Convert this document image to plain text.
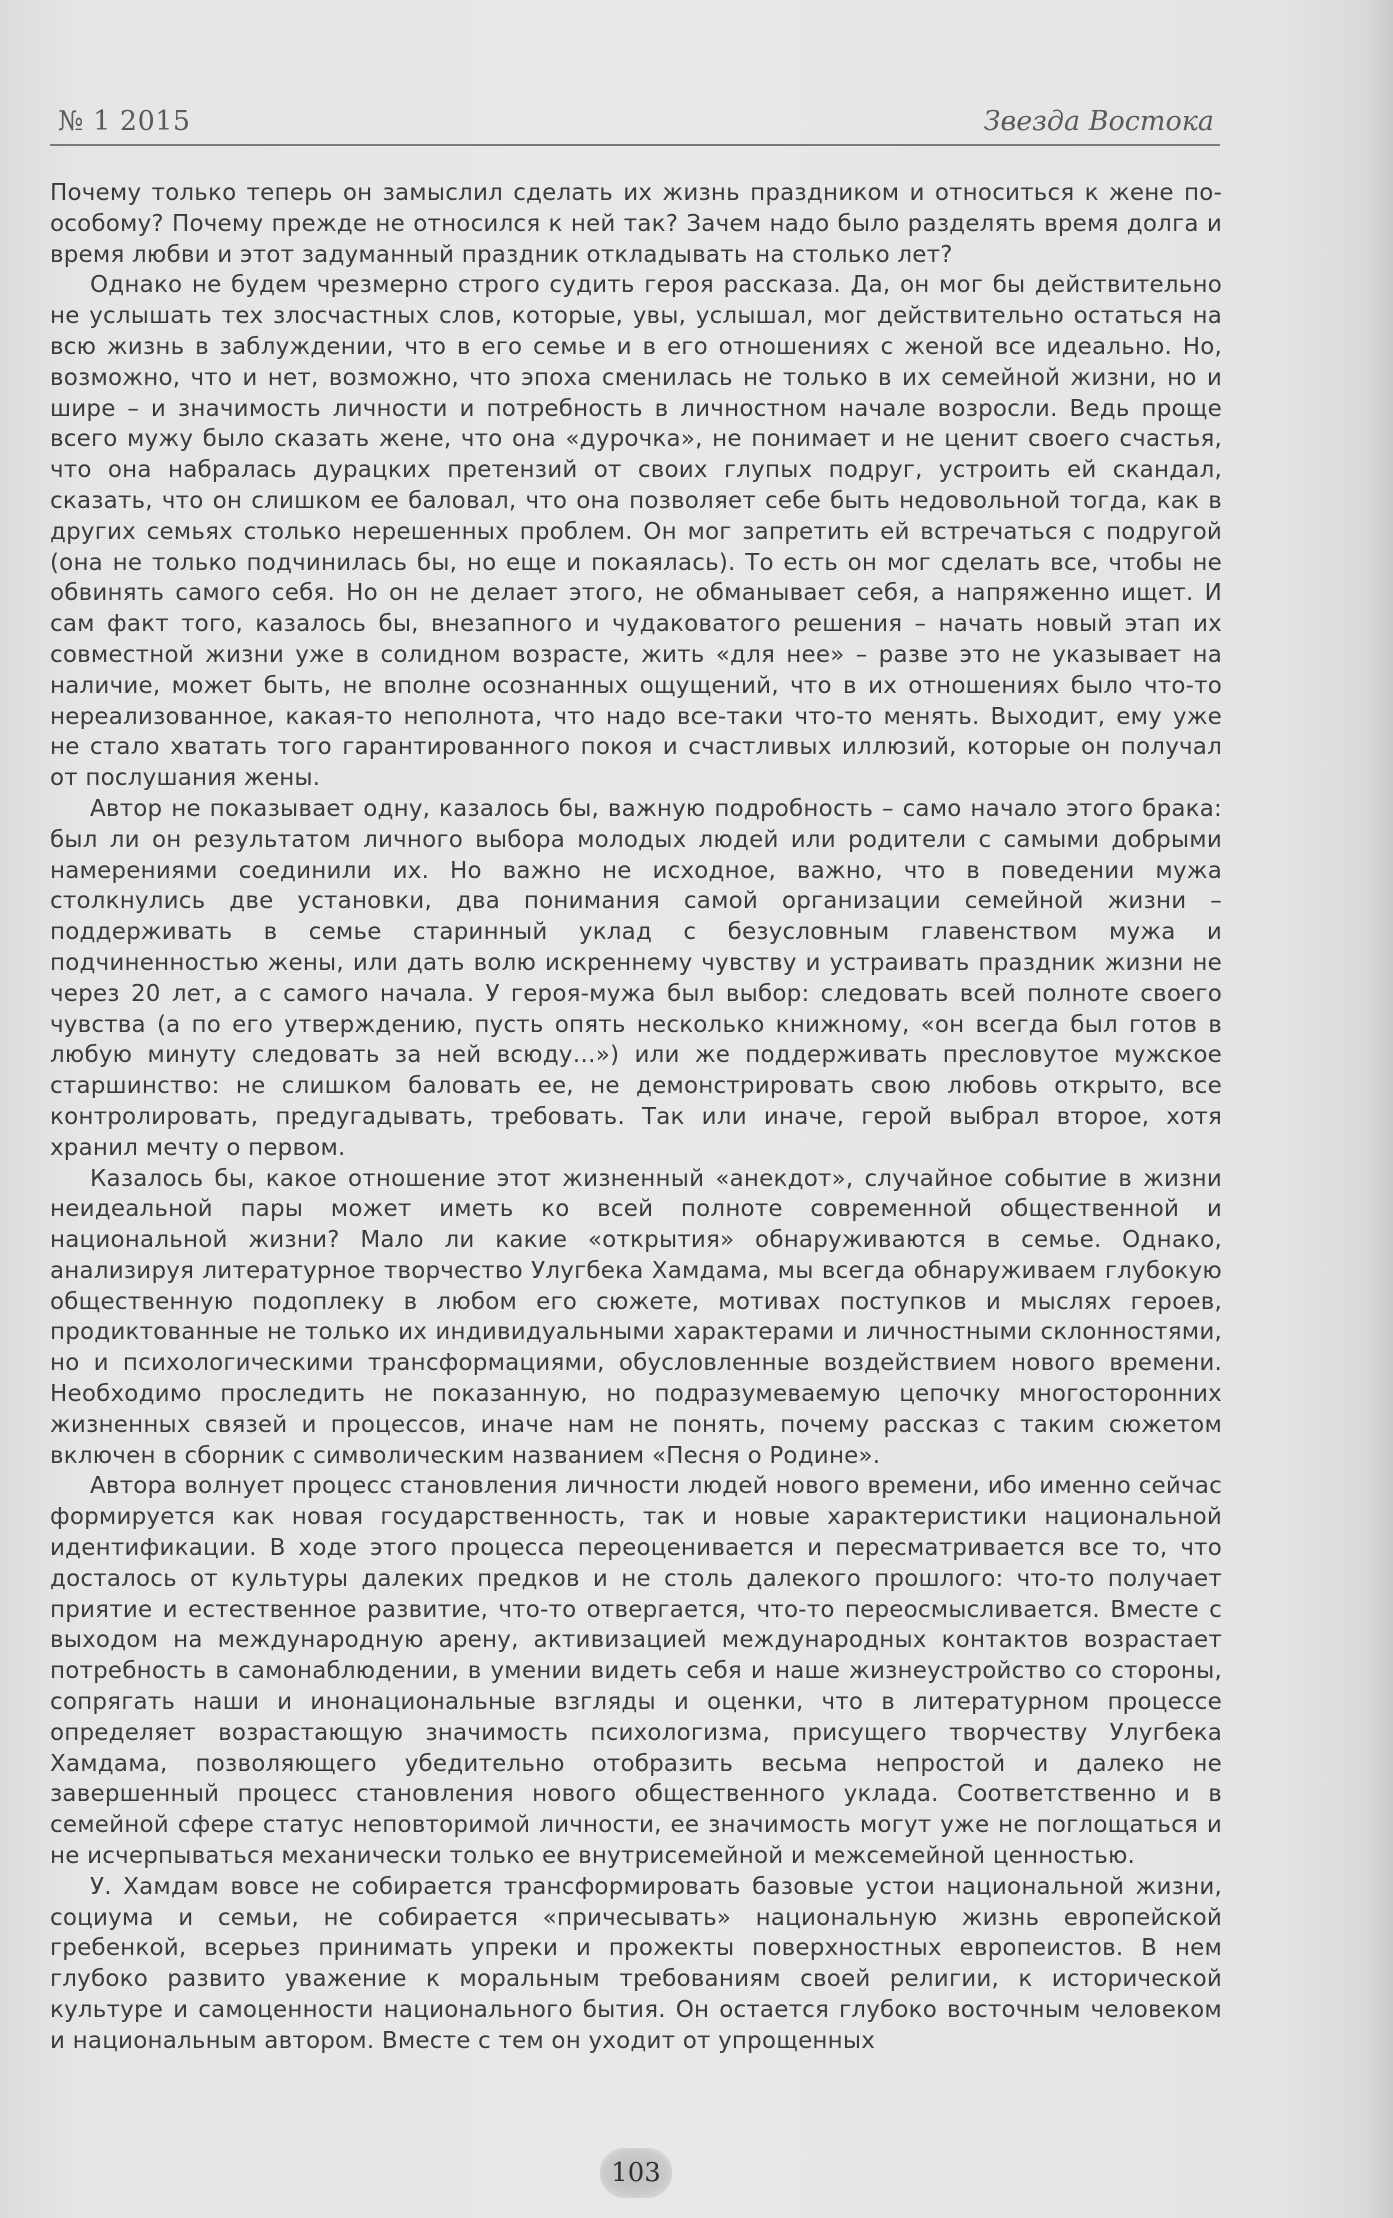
№ 1 2015	Звезда Востока

Почему только теперь он замыслил сделать их жизнь праздником и относиться к жене по-особому? Почему прежде не относился к ней так? Зачем надо было разделять время долга и время любви и этот задуманный праздник откладывать на столько лет?

Однако не будем чрезмерно строго судить героя рассказа. Да, он мог бы действительно не услышать тех злосчастных слов, которые, увы, услышал, мог действительно остаться на всю жизнь в заблуждении, что в его семье и в его отношениях с женой все идеально. Но, возможно, что и нет, возможно, что эпоха сменилась не только в их семейной жизни, но и шире – и значимость личности и потребность в личностном начале возросли. Ведь проще всего мужу было сказать жене, что она «дурочка», не понимает и не ценит своего счастья, что она набралась дурацких претензий от своих глупых подруг, устроить ей скандал, сказать, что он слишком ее баловал, что она позволяет себе быть недовольной тогда, как в других семьях столько нерешенных проблем. Он мог запретить ей встречаться с подругой (она не только подчинилась бы, но еще и покаялась). То есть он мог сделать все, чтобы не обвинять самого себя. Но он не делает этого, не обманывает себя, а напряженно ищет. И сам факт того, казалось бы, внезапного и чудаковатого решения – начать новый этап их совместной жизни уже в солидном возрасте, жить «для нее» – разве это не указывает на наличие, может быть, не вполне осознанных ощущений, что в их отношениях было что-то нереализованное, какая-то неполнота, что надо все-таки что-то менять. Выходит, ему уже не стало хватать того гарантированного покоя и счастливых иллюзий, которые он получал от послушания жены.

Автор не показывает одну, казалось бы, важную подробность – само начало этого брака: был ли он результатом личного выбора молодых людей или родители с самыми добрыми намерениями соединили их. Но важно не исходное, важно, что в поведении мужа столкнулись две установки, два понимания самой организации семейной жизни – поддерживать в семье старинный уклад с безусловным главенством мужа и подчиненностью жены, или дать волю искреннему чувству и устраивать праздник жизни не через 20 лет, а с самого начала. У героя-мужа был выбор: следовать всей полноте своего чувства (а по его утверждению, пусть опять несколько книжному, «он всегда был готов в любую минуту следовать за ней всюду…») или же поддерживать пресловутое мужское старшинство: не слишком баловать ее, не демонстрировать свою любовь открыто, все контролировать, предугадывать, требовать. Так или иначе, герой выбрал второе, хотя хранил мечту о первом.

Казалось бы, какое отношение этот жизненный «анекдот», случайное событие в жизни неидеальной пары может иметь ко всей полноте современной общественной и национальной жизни? Мало ли какие «открытия» обнаруживаются в семье. Однако, анализируя литературное творчество Улугбека Хамдама, мы всегда обнаруживаем глубокую общественную подоплеку в любом его сюжете, мотивах поступков и мыслях героев, продиктованные не только их индивидуальными характерами и личностными склонностями, но и психологическими трансформациями, обусловленные воздействием нового времени. Необходимо проследить не показанную, но подразумеваемую цепочку многосторонних жизненных связей и процессов, иначе нам не понять, почему рассказ с таким сюжетом включен в сборник с символическим названием «Песня о Родине».

Автора волнует процесс становления личности людей нового времени, ибо именно сейчас формируется как новая государственность, так и новые характеристики национальной идентификации. В ходе этого процесса переоценивается и пересматривается все то, что досталось от культуры далеких предков и не столь далекого прошлого: что-то получает приятие и естественное развитие, что-то отвергается, что-то переосмысливается. Вместе с выходом на международную арену, активизацией международных контактов возрастает потребность в самонаблюдении, в умении видеть себя и наше жизнеустройство со стороны, сопрягать наши и инонациональные взгляды и оценки, что в литературном процессе определяет возрастающую значимость психологизма, присущего творчеству Улугбека Хамдама, позволяющего убедительно отобразить весьма непростой и далеко не завершенный процесс становления нового общественного уклада. Соответственно и в семейной сфере статус неповторимой личности, ее значимость могут уже не поглощаться и не исчерпываться механически только ее внутрисемейной и межсемейной ценностью.

У. Хамдам вовсе не собирается трансформировать базовые устои национальной жизни, социума и семьи, не собирается «причесывать» национальную жизнь европейской гребенкой, всерьез принимать упреки и прожекты поверхностных европеистов. В нем глубоко развито уважение к моральным требованиям своей религии, к исторической культуре и самоценности национального бытия. Он остается глубоко восточным человеком и национальным автором. Вместе с тем он уходит от упрощенных

103
